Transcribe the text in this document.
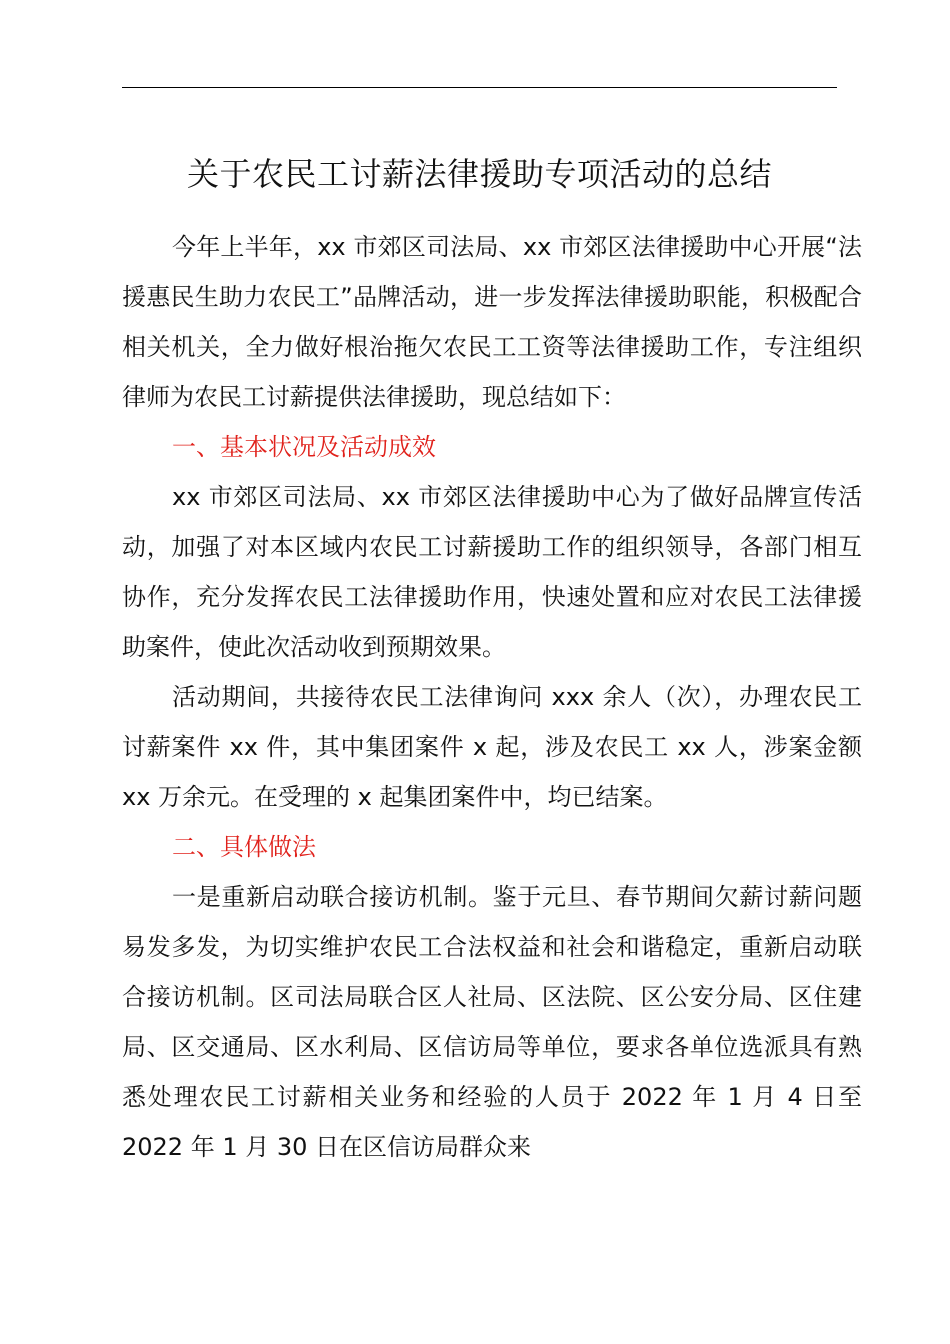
关于农民工讨薪法律援助专项活动的总结

今年上半年，xx 市郊区司法局、xx 市郊区法律援助中心开展“法援惠民生助力农民工”品牌活动，进一步发挥法律援助职能，积极配合相关机关，全力做好根治拖欠农民工工资等法律援助工作，专注组织律师为农民工讨薪提供法律援助，现总结如下：

一、基本状况及活动成效

xx 市郊区司法局、xx 市郊区法律援助中心为了做好品牌宣传活动，加强了对本区域内农民工讨薪援助工作的组织领导，各部门相互协作，充分发挥农民工法律援助作用，快速处置和应对农民工法律援助案件，使此次活动收到预期效果。

活动期间，共接待农民工法律询问 xxx 余人（次），办理农民工讨薪案件 xx 件，其中集团案件 x 起，涉及农民工 xx 人，涉案金额 xx 万余元。在受理的 x 起集团案件中，均已结案。

二、具体做法

一是重新启动联合接访机制。鉴于元旦、春节期间欠薪讨薪问题易发多发，为切实维护农民工合法权益和社会和谐稳定，重新启动联合接访机制。区司法局联合区人社局、区法院、区公安分局、区住建局、区交通局、区水利局、区信访局等单位，要求各单位选派具有熟悉处理农民工讨薪相关业务和经验的人员于 2022 年 1 月 4 日至 2022 年 1 月 30 日在区信访局群众来
